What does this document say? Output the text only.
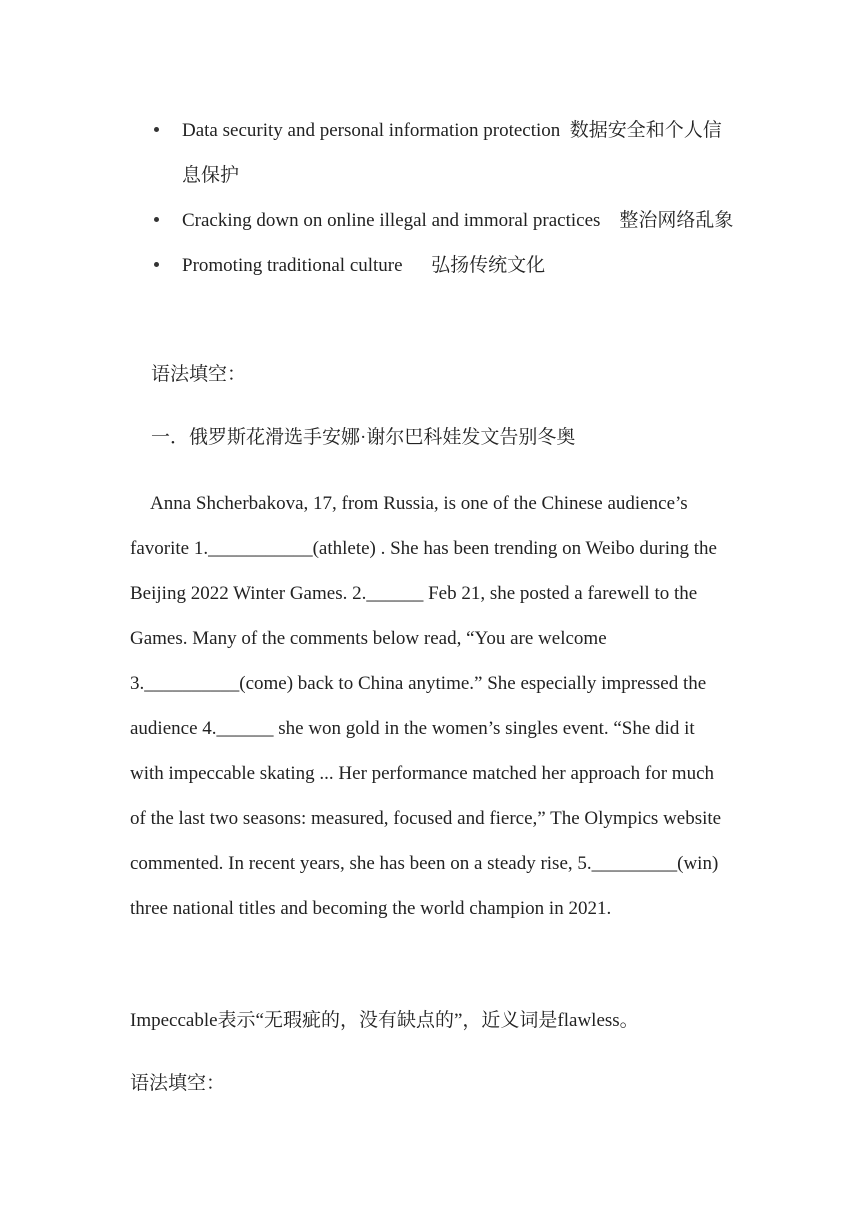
Data security and personal information protection 数据安全和个人信息保护
Cracking down on online illegal and immoral practices 整治网络乱象
Promoting traditional culture 弘扬传统文化
语法填空：
一．俄罗斯花滑选手安娜·谢尔巴科娃发文告别冬奥

Anna Shcherbakova, 17, from Russia, is one of the Chinese audience’s favorite 1.___________(athlete) . She has been trending on Weibo during the Beijing 2022 Winter Games. 2.______ Feb 21, she posted a farewell to the Games. Many of the comments below read, “You are welcome 3.__________(come) back to China anytime.” She especially impressed the audience 4.______ she won gold in the women’s singles event. “She did it with impeccable skating ... Her performance matched her approach for much of the last two seasons: measured, focused and fierce,” The Olympics website commented. In recent years, she has been on a steady rise, 5._________(win) three national titles and becoming the world champion in 2021.

Impeccable表示“无瑕疵的，没有缺点的”，近义词是flawless。
语法填空：
